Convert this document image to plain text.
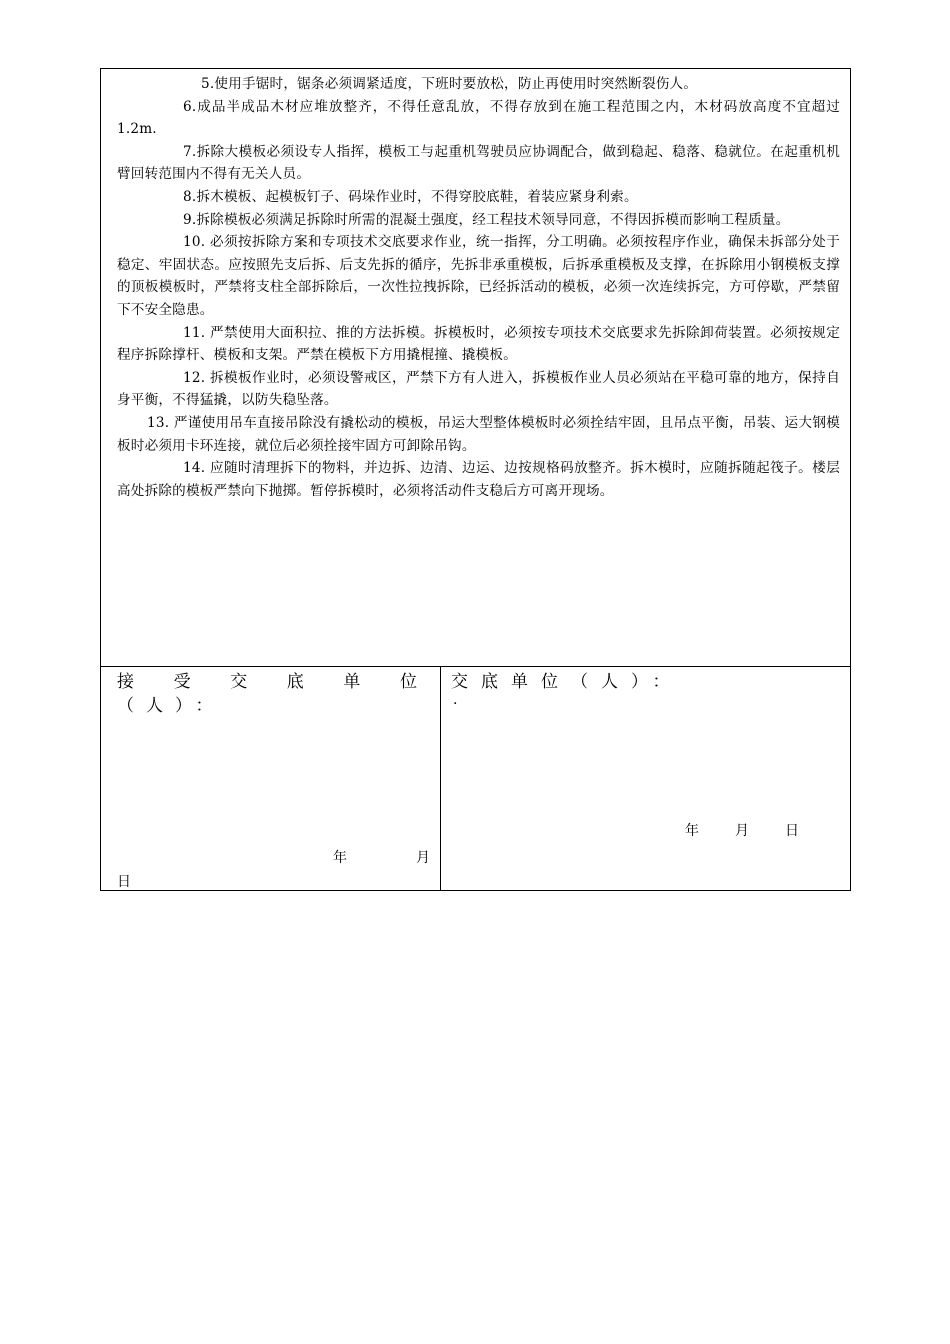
5.使用手锯时，锯条必须调紧适度，下班时要放松，防止再使用时突然断裂伤人。

6.成品半成品木材应堆放整齐，不得任意乱放，不得存放到在施工程范围之内，木材码放高度不宜超过1.2m.

7.拆除大模板必须设专人指挥，模板工与起重机驾驶员应协调配合，做到稳起、稳落、稳就位。在起重机机臂回转范围内不得有无关人员。

8.拆木模板、起模板钉子、码垛作业时，不得穿胶底鞋，着装应紧身利索。

9.拆除模板必须满足拆除时所需的混凝土强度，经工程技术领导同意，不得因拆模而影响工程质量。

10. 必须按拆除方案和专项技术交底要求作业，统一指挥，分工明确。必须按程序作业，确保未拆部分处于稳定、牢固状态。应按照先支后拆、后支先拆的循序，先拆非承重模板，后拆承重模板及支撑，在拆除用小钢模板支撑的顶板模板时，严禁将支柱全部拆除后，一次性拉拽拆除，已经拆活动的模板，必须一次连续拆完，方可停歇，严禁留下不安全隐患。

11. 严禁使用大面积拉、推的方法拆模。拆模板时，必须按专项技术交底要求先拆除卸荷装置。必须按规定程序拆除撑杆、模板和支架。严禁在模板下方用撬棍撞、撬模板。

12. 拆模板作业时，必须设警戒区，严禁下方有人进入，拆模板作业人员必须站在平稳可靠的地方，保持自身平衡，不得猛撬，以防失稳坠落。

13. 严谨使用吊车直接吊除没有撬松动的模板，吊运大型整体模板时必须拴结牢固，且吊点平衡，吊装、运大钢模板时必须用卡环连接，就位后必须拴接牢固方可卸除吊钩。

14. 应随时清理拆下的物料，并边拆、边清、边运、边按规格码放整齐。拆木模时，应随拆随起筏子。楼层高处拆除的模板严禁向下抛掷。暂停拆模时，必须将活动件支稳后方可离开现场。

接 受 交 底 单 位
（人）：
年	月
日
交底单位（人）：
.
年	月	日
